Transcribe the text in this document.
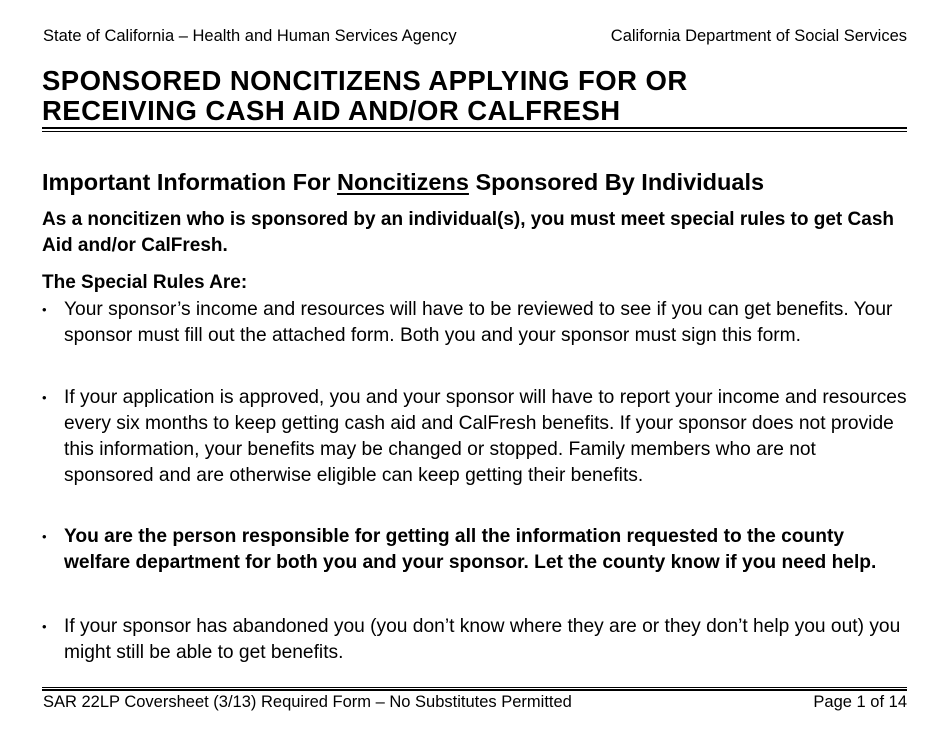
State of California – Health and Human Services Agency	California Department of Social Services
SPONSORED NONCITIZENS APPLYING FOR OR
RECEIVING CASH AID AND/OR CALFRESH
Important Information For Noncitizens Sponsored By Individuals

As a noncitizen who is sponsored by an individual(s), you must meet special rules to get Cash Aid and/or CalFresh.

The Special Rules Are:

• Your sponsor’s income and resources will have to be reviewed to see if you can get benefits. Your sponsor must fill out the attached form. Both you and your sponsor must sign this form.
• If your application is approved, you and your sponsor will have to report your income and resources every six months to keep getting cash aid and CalFresh benefits. If your sponsor does not provide this information, your benefits may be changed or stopped. Family members who are not sponsored and are otherwise eligible can keep getting their benefits.
• You are the person responsible for getting all the information requested to the county welfare department for both you and your sponsor. Let the county know if you need help.
• If your sponsor has abandoned you (you don’t know where they are or they don’t help you out) you might still be able to get benefits.
SAR 22LP Coversheet (3/13) Required Form – No Substitutes Permitted	Page 1 of 14
